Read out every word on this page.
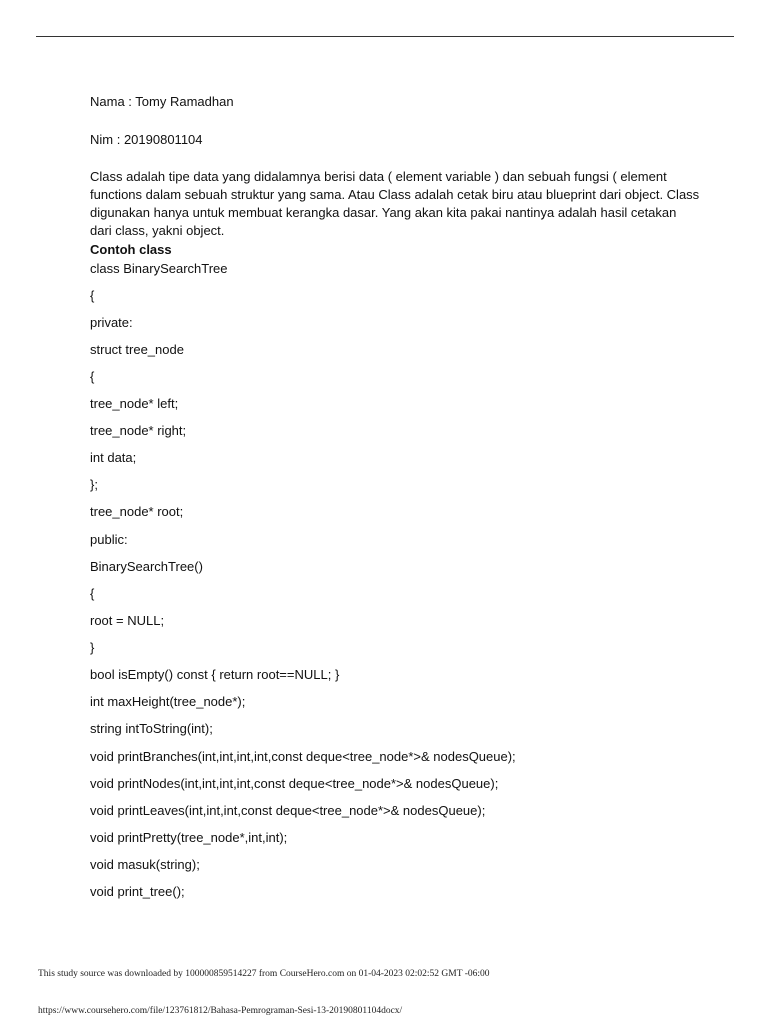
Nama : Tomy Ramadhan
Nim : 20190801104
Class adalah tipe data yang didalamnya berisi data ( element variable ) dan sebuah fungsi ( element functions dalam sebuah struktur yang sama. Atau Class adalah cetak biru atau blueprint dari object. Class digunakan hanya untuk membuat kerangka dasar. Yang akan kita pakai nantinya adalah hasil cetakan dari class, yakni object.
Contoh class
class BinarySearchTree
{
private:
struct tree_node
{
tree_node* left;
tree_node* right;
int data;
};
tree_node* root;
public:
BinarySearchTree()
{
root = NULL;
}
bool isEmpty() const { return root==NULL; }
int maxHeight(tree_node*);
string intToString(int);
void printBranches(int,int,int,int,const deque<tree_node*>& nodesQueue);
void printNodes(int,int,int,int,const deque<tree_node*>& nodesQueue);
void printLeaves(int,int,int,const deque<tree_node*>& nodesQueue);
void printPretty(tree_node*,int,int);
void masuk(string);
void print_tree();
This study source was downloaded by 100000859514227 from CourseHero.com on 01-04-2023 02:02:52 GMT -06:00
https://www.coursehero.com/file/123761812/Bahasa-Pemrograman-Sesi-13-20190801104docx/
